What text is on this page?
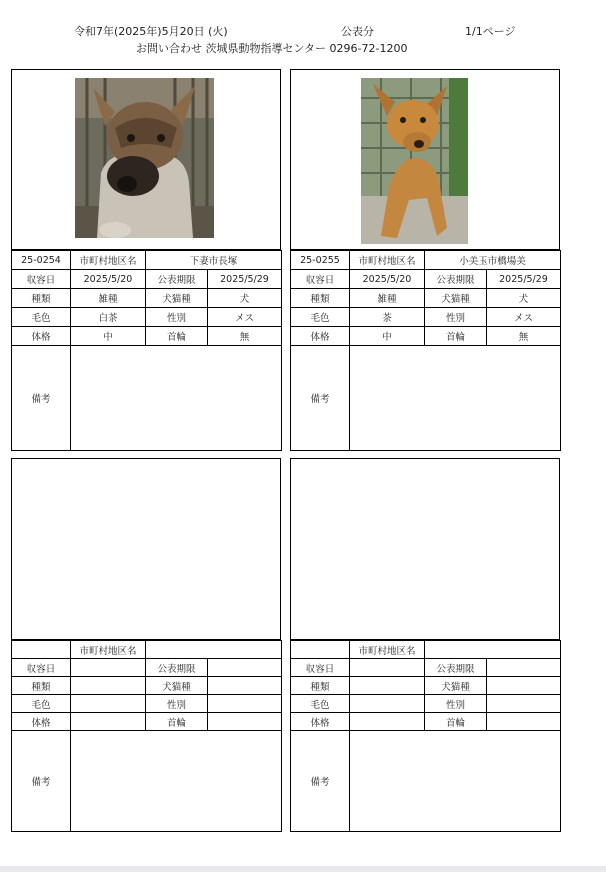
令和7年(2025年)5月20日 (火)	公表分	1/1ページ
お問い合わせ 茨城県動物指導センター 0296-72-1200
25-0254	市町村地区名	下妻市長塚	
収容日	2025/5/20	公表期限	2025/5/29
種類	雑種	犬猫種	犬
毛色	白茶	性別	メス
体格	中	首輪	無
備考			
25-0255	市町村地区名	小美玉市橋場美	
収容日	2025/5/20	公表期限	2025/5/29
種類	雑種	犬猫種	犬
毛色	茶	性別	メス
体格	中	首輪	無
備考			
	市町村地区名		
収容日		公表期限	
種類		犬猫種	
毛色		性別	
体格		首輪	
備考			
	市町村地区名		
収容日		公表期限	
種類		犬猫種	
毛色		性別	
体格		首輪	
備考			
